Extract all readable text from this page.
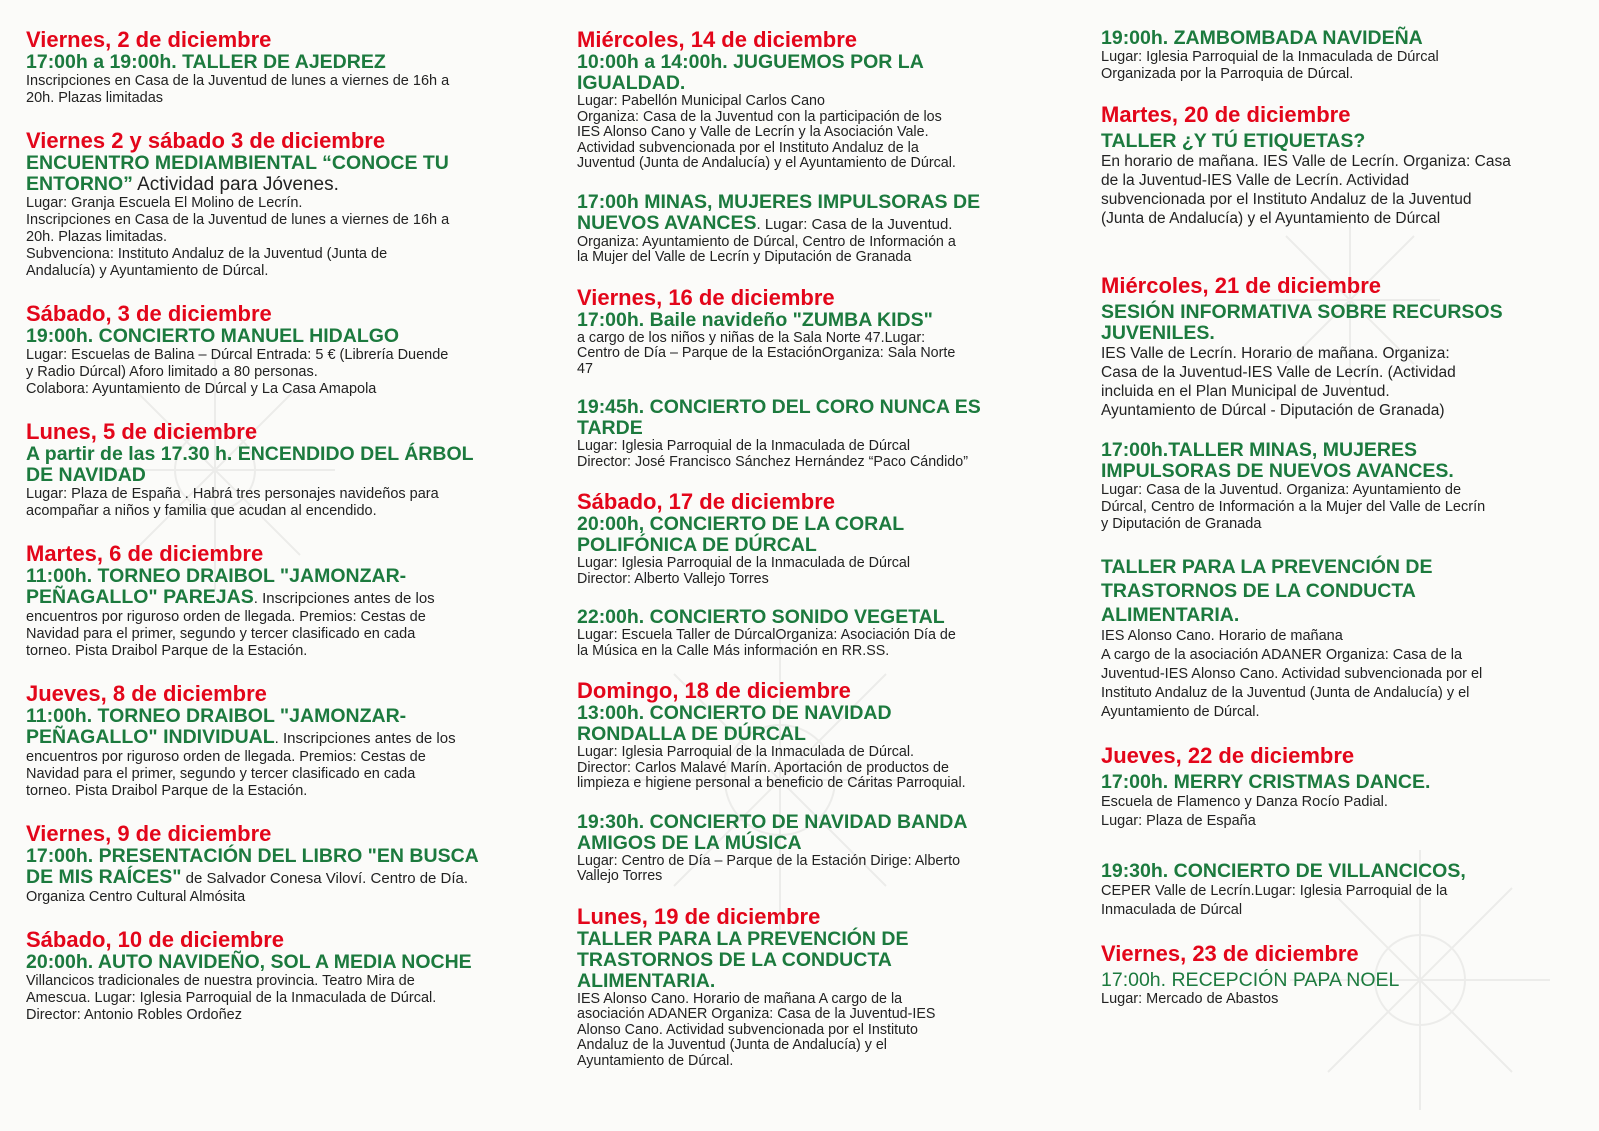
Viernes, 2 de diciembre

17:00h a 19:00h. TALLER DE AJEDREZ

Inscripciones en Casa de la Juventud de lunes a viernes de 16h a

20h. Plazas limitadas

Viernes 2 y sábado 3 de diciembre

ENCUENTRO MEDIAMBIENTAL “CONOCE TU

ENTORNO” Actividad para Jóvenes.

Lugar: Granja Escuela El Molino de Lecrín.

Inscripciones en Casa de la Juventud de lunes a viernes de 16h a

20h. Plazas limitadas.

Subvenciona: Instituto Andaluz de la Juventud (Junta de

Andalucía) y Ayuntamiento de Dúrcal.

Sábado, 3 de diciembre

19:00h. CONCIERTO MANUEL HIDALGO

Lugar: Escuelas de Balina – Dúrcal Entrada: 5 € (Librería Duende

y Radio Dúrcal) Aforo limitado a 80 personas.

Colabora: Ayuntamiento de Dúrcal y La Casa Amapola

Lunes, 5 de diciembre

A partir de las 17.30 h. ENCENDIDO DEL ÁRBOL

DE NAVIDAD

Lugar: Plaza de España . Habrá tres personajes navideños para

acompañar a niños y familia que acudan al encendido.

Martes, 6 de diciembre

11:00h. TORNEO DRAIBOL "JAMONZAR-

PEÑAGALLO" PAREJAS. Inscripciones antes de los

encuentros por riguroso orden de llegada. Premios: Cestas de

Navidad para el primer, segundo y tercer clasificado en cada

torneo. Pista Draibol Parque de la Estación.

Jueves, 8 de diciembre

11:00h. TORNEO DRAIBOL "JAMONZAR-

PEÑAGALLO" INDIVIDUAL. Inscripciones antes de los

encuentros por riguroso orden de llegada. Premios: Cestas de

Navidad para el primer, segundo y tercer clasificado en cada

torneo. Pista Draibol Parque de la Estación.

Viernes, 9 de diciembre

17:00h. PRESENTACIÓN DEL LIBRO "EN BUSCA

DE MIS RAÍCES" de Salvador Conesa Viloví. Centro de Día.

Organiza Centro Cultural Almósita

Sábado, 10 de diciembre

20:00h. AUTO NAVIDEÑO, SOL A MEDIA NOCHE

Villancicos tradicionales de nuestra provincia. Teatro Mira de

Amescua. Lugar: Iglesia Parroquial de la Inmaculada de Dúrcal.

Director: Antonio Robles Ordoñez

Miércoles, 14 de diciembre

10:00h a 14:00h. JUGUEMOS POR LA

IGUALDAD.

Lugar: Pabellón Municipal Carlos Cano

Organiza: Casa de la Juventud con la participación de los

IES Alonso Cano y Valle de Lecrín y la Asociación Vale.

Actividad subvencionada por el Instituto Andaluz de la

Juventud (Junta de Andalucía) y el Ayuntamiento de Dúrcal.

17:00h MINAS, MUJERES IMPULSORAS DE

NUEVOS AVANCES. Lugar: Casa de la Juventud.

Organiza: Ayuntamiento de Dúrcal, Centro de Información a

la Mujer del Valle de Lecrín y Diputación de Granada

Viernes, 16 de diciembre

17:00h. Baile navideño "ZUMBA KIDS"

a cargo de los niños y niñas de la Sala Norte 47.Lugar:

Centro de Día – Parque de la EstaciónOrganiza: Sala Norte

47

19:45h. CONCIERTO DEL CORO NUNCA ES

TARDE

Lugar: Iglesia Parroquial de la Inmaculada de Dúrcal

Director: José Francisco Sánchez Hernández “Paco Cándido”

Sábado, 17 de diciembre

20:00h, CONCIERTO DE LA CORAL

POLIFÓNICA DE DÚRCAL

Lugar: Iglesia Parroquial de la Inmaculada de Dúrcal

Director: Alberto Vallejo Torres

22:00h. CONCIERTO SONIDO VEGETAL

Lugar: Escuela Taller de DúrcalOrganiza: Asociación Día de

la Música en la Calle Más información en RR.SS.

Domingo, 18 de diciembre

13:00h. CONCIERTO DE NAVIDAD

RONDALLA DE DÚRCAL

Lugar: Iglesia Parroquial de la Inmaculada de Dúrcal.

Director: Carlos Malavé Marín. Aportación de productos de

limpieza e higiene personal a beneficio de Cáritas Parroquial.

19:30h. CONCIERTO DE NAVIDAD BANDA

AMIGOS DE LA MÚSICA

Lugar: Centro de Día – Parque de la Estación Dirige: Alberto

Vallejo Torres

Lunes, 19 de diciembre

TALLER PARA LA PREVENCIÓN DE

TRASTORNOS DE LA CONDUCTA

ALIMENTARIA.

IES Alonso Cano. Horario de mañana A cargo de la

asociación ADANER Organiza: Casa de la Juventud-IES

Alonso Cano. Actividad subvencionada por el Instituto

Andaluz de la Juventud (Junta de Andalucía) y el

Ayuntamiento de Dúrcal.

19:00h. ZAMBOMBADA NAVIDEÑA

Lugar: Iglesia Parroquial de la Inmaculada de Dúrcal

Organizada por la Parroquia de Dúrcal.

Martes, 20 de diciembre

TALLER ¿Y TÚ ETIQUETAS?

En horario de mañana. IES Valle de Lecrín. Organiza: Casa

de la Juventud-IES Valle de Lecrín. Actividad

subvencionada por el Instituto Andaluz de la Juventud

(Junta de Andalucía) y el Ayuntamiento de Dúrcal

Miércoles, 21 de diciembre

SESIÓN INFORMATIVA SOBRE RECURSOS

JUVENILES.

IES Valle de Lecrín. Horario de mañana. Organiza:

Casa de la Juventud-IES Valle de Lecrín. (Actividad

incluida en el Plan Municipal de Juventud.

Ayuntamiento de Dúrcal - Diputación de Granada)

17:00h.TALLER MINAS, MUJERES

IMPULSORAS DE NUEVOS AVANCES.

Lugar: Casa de la Juventud. Organiza: Ayuntamiento de

Dúrcal, Centro de Información a la Mujer del Valle de Lecrín

y Diputación de Granada

TALLER PARA LA PREVENCIÓN DE

TRASTORNOS DE LA CONDUCTA

ALIMENTARIA.

IES Alonso Cano. Horario de mañana

A cargo de la asociación ADANER Organiza: Casa de la

Juventud-IES Alonso Cano. Actividad subvencionada por el

Instituto Andaluz de la Juventud (Junta de Andalucía) y el

Ayuntamiento de Dúrcal.

Jueves, 22 de diciembre

17:00h. MERRY CRISTMAS DANCE.

Escuela de Flamenco y Danza Rocío Padial.

Lugar: Plaza de España

19:30h. CONCIERTO DE VILLANCICOS,

CEPER Valle de Lecrín.Lugar: Iglesia Parroquial de la

Inmaculada de Dúrcal

Viernes, 23 de diciembre

17:00h. RECEPCIÓN PAPA NOEL

Lugar: Mercado de Abastos
